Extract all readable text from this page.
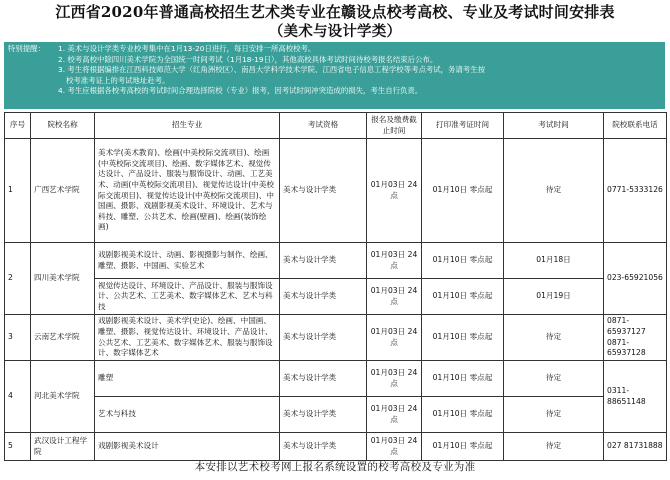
江西省2020年普通高校招生艺术类专业在赣设点校考高校、专业及考试时间安排表
（美术与设计学类）
特别提醒： 1. 美术与设计学类专业校考集中在1月13-20日进行，每日安排一所高校校考。
2. 校考高校中除四川美术学院为全国统一时间考试（1月18-19日），其他高校具体考试时间待校考报名结束后公布。
3. 考生将根据编排在江西科技师范大学（红角洲校区）、南昌大学科学技术学院、江西省电子信息工程学校等考点考试，务请考生按
校考准考证上的考试地址赴考。
4. 考生应根据各校考高校的考试时间合理选择院校（专业）报考，因考试时间冲突造成的损失，考生自行负责。
序号	院校名称	招生专业	考试资格	报名及缴费截止时间	打印准考证时间	考试时间	院校联系电话
1	广西艺术学院	美术学(美术教育)、绘画(中美校际交流项目)、绘画(中英校际交流项目)、绘画、数字媒体艺术、视觉传达设计、产品设计、服装与服饰设计、动画、工艺美术、动画(中英校际交流项目)、视觉传达设计(中美校际交流项目)、视觉传达设计(中英校际交流项目)、中国画、摄影、戏剧影视美术设计、环境设计、艺术与科技、雕塑、公共艺术、绘画(壁画)、绘画(装饰绘画)	美术与设计学类	01月03日 24点	01月10日 零点起	待定	0771-5333126
2	四川美术学院	戏剧影视美术设计、动画、影视摄影与制作、绘画、雕塑、摄影、中国画、实验艺术	美术与设计学类	01月03日 24点	01月10日 零点起	01月18日	023-65921056
		视觉传达设计、环境设计、产品设计、服装与服饰设计、公共艺术、工艺美术、数字媒体艺术、艺术与科技	美术与设计学类	01月03日 24点	01月10日 零点起	01月19日	
3	云南艺术学院	戏剧影视美术设计、美术学(史论)、绘画、中国画、雕塑、摄影、视觉传达设计、环境设计、产品设计、公共艺术、工艺美术、数字媒体艺术、服装与服饰设计、数字媒体艺术	美术与设计学类	01月03日 24点	01月10日 零点起	待定	0871-65937127
0871-65937128
4	河北美术学院	雕塑	美术与设计学类	01月03日 24点	01月10日 零点起	待定	0311-88651148
		艺术与科技	美术与设计学类	01月03日 24点	01月10日 零点起	待定	
5	武汉设计工程学院	戏剧影视美术设计	美术与设计学类	01月03日 24点	01月10日 零点起	待定	027 81731888
本安排以艺术校考网上报名系统设置的校考高校及专业为准
